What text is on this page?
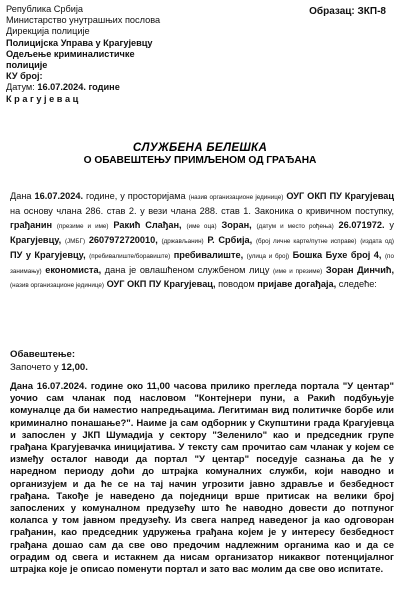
Република Србија
Министарство унутрашњих послова
Дирекција полиције
Полицијска Управа у Крагујевцу
Одељење криминалистичке
полиције
КУ број:
Датум: 16.07.2024. године
К р а г у ј е в а ц
Образац: ЗКП-8
СЛУЖБЕНА БЕЛЕШКА
О ОБАВЕШТЕЊУ ПРИМЉЕНОМ ОД ГРАЂАНА
Дана 16.07.2024. године, у просторијама (назив организационе јединице) ОУГ ОКП ПУ Крагујевац на основу члана 286. став 2. у вези члана 288. став 1. Законика о кривичном поступку, грађанин (презиме и име) Ракић Слађан, (име оца) Зоран, (датум и место рођења) 26.071972. у Крагујевцу, (ЈМБГ) 2607972720010, (држављанин) Р. Србија, (број личне карте/путне исправе) (издата од) ПУ у Крагујевцу, (пребивалиште/боравиште) пребивалиште, (улица и број) Бошка Бухе број 4, (по занимању) економиста, дана је овлашћеном службеном лицу (име и презиме) Зоран Динчић, (назив организационе јединице) ОУГ ОКП ПУ Крагујевац, поводом пријаве догађаја, следеће:
Обавештење:
Започето у 12,00.
Дана 16.07.2024. године око 11,00 часова прилико прегледа портала "У центар" уочио сам чланак под насловом "Контејнери пуни, а Ракић подбуњује комуналце да би наместио напредњацима. Легитиман вид политичке борбе или криминално понашање?". Наиме ја сам одборник у Скупштини града Крагујевца и запослен у ЈКП Шумадија у сектору "Зеленило" као и председник групе грађана Крагујевачка иницијатива. У тексту сам прочитао сам чланак у којем се између осталог наводи да портал "У центар" поседује сазнања да ће у наредном периоду доћи до штрајка комуналних служби, који наводно и организујем и да ће се на тај начин угрозити јавно здравље и безбедност грађана. Такође је наведено да поједници врше притисак на велики број запослених у комуналном предузећу што ће наводно довести до потпуног колапса у том јавном предузећу. Из свега напред наведеног ја као одговоран грађанин, као председник удружења грађана којем је у интересу безбедност грађана дошао сам да све ово предочим надлежним органима као и да се оградим од свега и истакнем да нисам организатор никаквог потенцијалног штрајка које је описао поменути портал и зато вас молим да све ово испитате.
